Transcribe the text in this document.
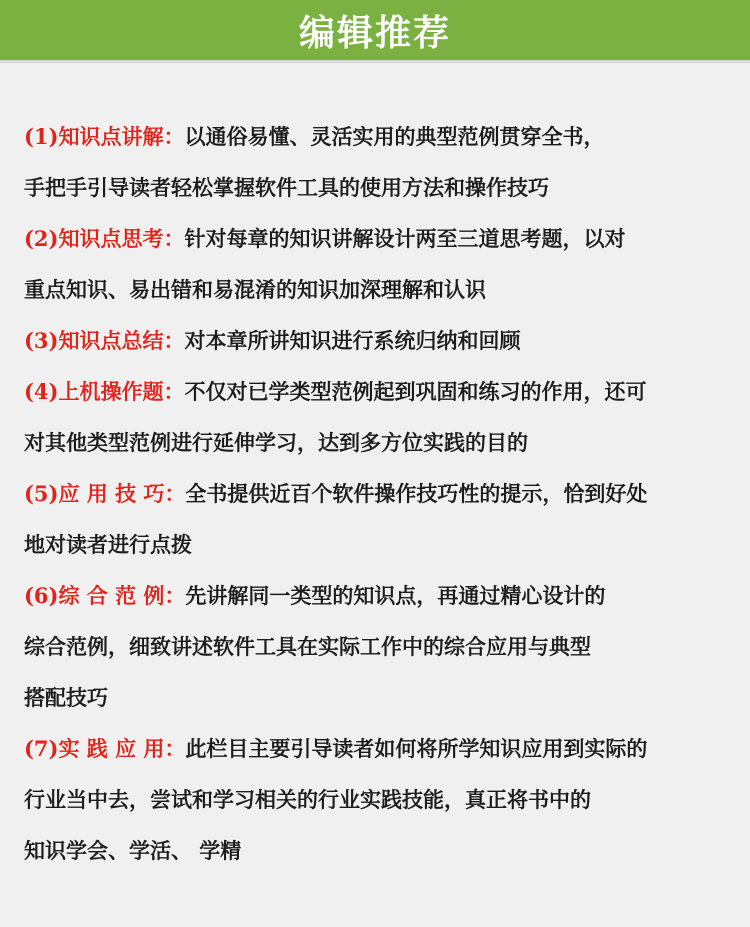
编辑推荐
(1)知识点讲解：以通俗易懂、灵活实用的典型范例贯穿全书，
手把手引导读者轻松掌握软件工具的使用方法和操作技巧
(2)知识点思考：针对每章的知识讲解设计两至三道思考题，以对
重点知识、易出错和易混淆的知识加深理解和认识
(3)知识点总结：对本章所讲知识进行系统归纳和回顾
(4)上机操作题：不仅对已学类型范例起到巩固和练习的作用，还可
对其他类型范例进行延伸学习，达到多方位实践的目的
(5)应 用 技 巧：全书提供近百个软件操作技巧性的提示，恰到好处
地对读者进行点拨
(6)综 合 范 例：先讲解同一类型的知识点，再通过精心设计的
综合范例，细致讲述软件工具在实际工作中的综合应用与典型
搭配技巧
(7)实 践 应 用：此栏目主要引导读者如何将所学知识应用到实际的
行业当中去，尝试和学习相关的行业实践技能，真正将书中的
知识学会、学活、 学精
